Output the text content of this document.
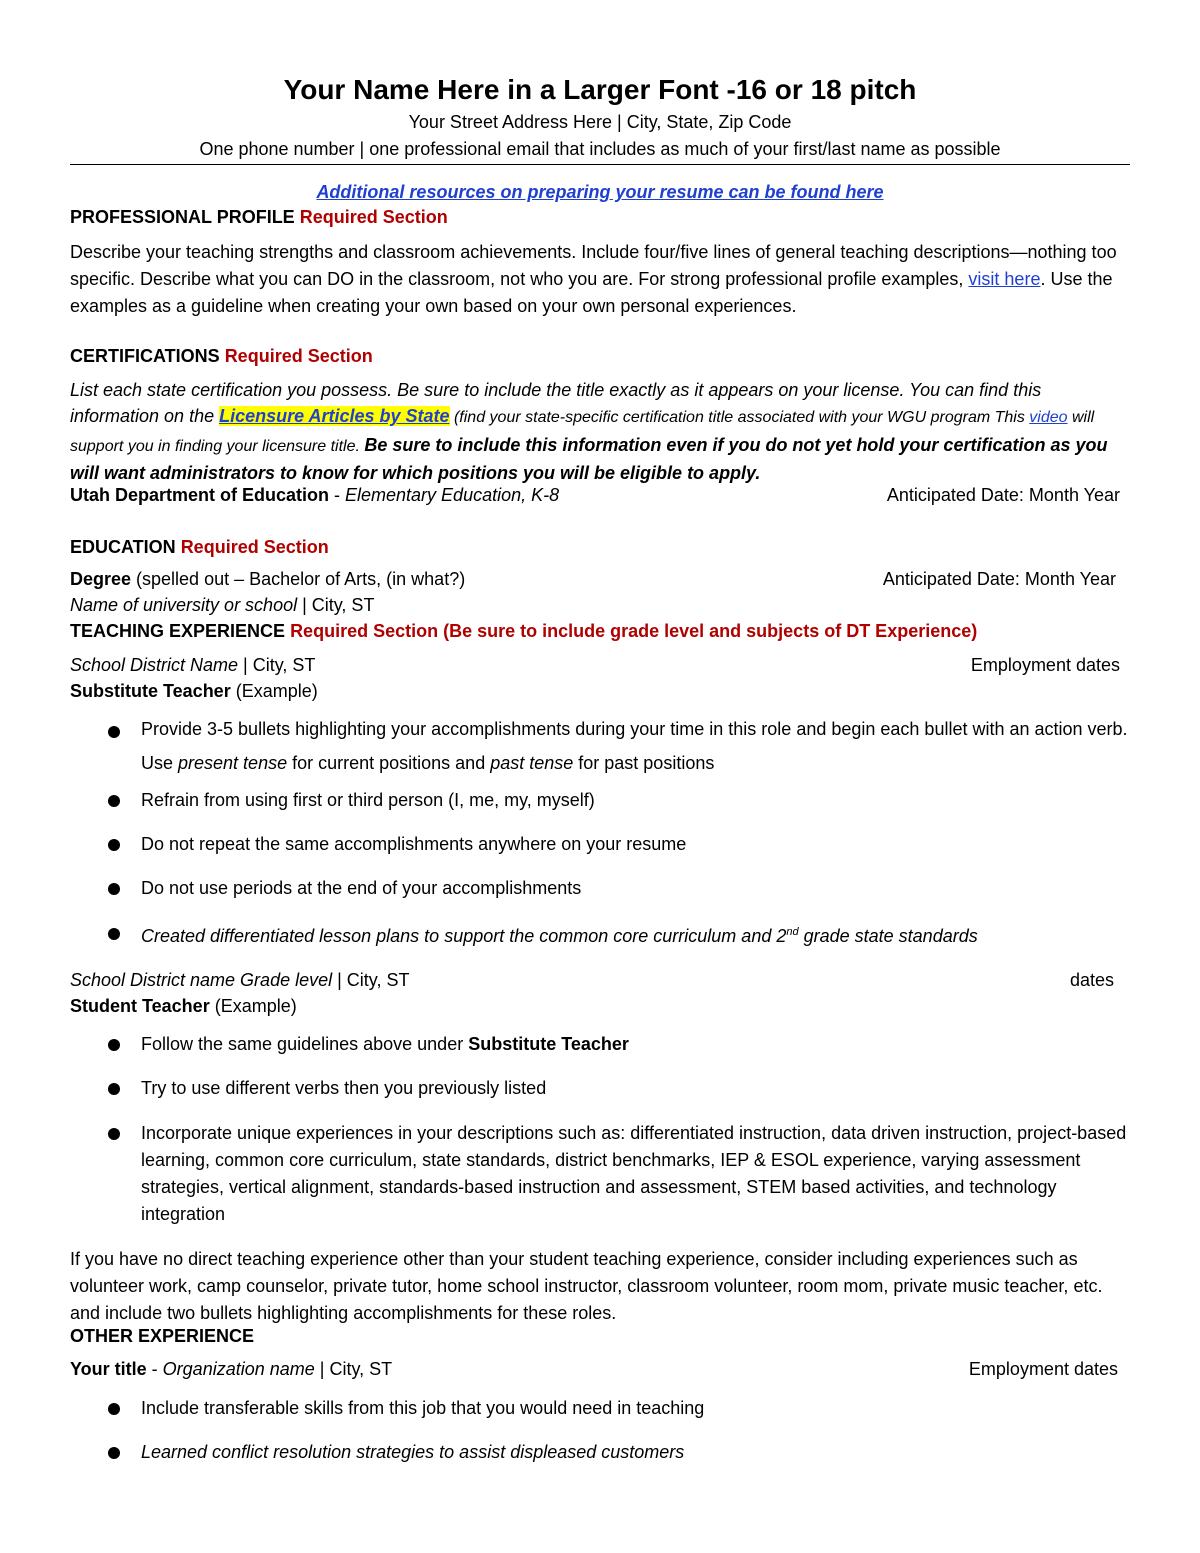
Your Name Here in a Larger Font -16 or 18 pitch
Your Street Address Here | City, State, Zip Code
One phone number | one professional email that includes as much of your first/last name as possible
Additional resources on preparing your resume can be found here
PROFESSIONAL PROFILE Required Section
Describe your teaching strengths and classroom achievements. Include four/five lines of general teaching descriptions—nothing too specific. Describe what you can DO in the classroom, not who you are. For strong professional profile examples, visit here. Use the examples as a guideline when creating your own based on your own personal experiences.
CERTIFICATIONS Required Section
List each state certification you possess. Be sure to include the title exactly as it appears on your license. You can find this information on the Licensure Articles by State (find your state-specific certification title associated with your WGU program This video will support you in finding your licensure title. Be sure to include this information even if you do not yet hold your certification as you will want administrators to know for which positions you will be eligible to apply.
Utah Department of Education - Elementary Education, K-8	Anticipated Date: Month Year
EDUCATION Required Section
Degree (spelled out – Bachelor of Arts, (in what?)	Anticipated Date: Month Year
Name of university or school | City, ST
TEACHING EXPERIENCE Required Section (Be sure to include grade level and subjects of DT Experience)
School District Name | City, ST	Employment dates
Substitute Teacher (Example)
Provide 3-5 bullets highlighting your accomplishments during your time in this role and begin each bullet with an action verb. Use present tense for current positions and past tense for past positions
Refrain from using first or third person (I, me, my, myself)
Do not repeat the same accomplishments anywhere on your resume
Do not use periods at the end of your accomplishments
Created differentiated lesson plans to support the common core curriculum and 2nd grade state standards
School District name Grade level | City, ST	dates
Student Teacher (Example)
Follow the same guidelines above under Substitute Teacher
Try to use different verbs then you previously listed
Incorporate unique experiences in your descriptions such as: differentiated instruction, data driven instruction, project-based learning, common core curriculum, state standards, district benchmarks, IEP & ESOL experience, varying assessment strategies, vertical alignment, standards-based instruction and assessment, STEM based activities, and technology integration
If you have no direct teaching experience other than your student teaching experience, consider including experiences such as volunteer work, camp counselor, private tutor, home school instructor, classroom volunteer, room mom, private music teacher, etc. and include two bullets highlighting accomplishments for these roles.
OTHER EXPERIENCE
Your title - Organization name | City, ST	Employment dates
Include transferable skills from this job that you would need in teaching
Learned conflict resolution strategies to assist displeased customers
